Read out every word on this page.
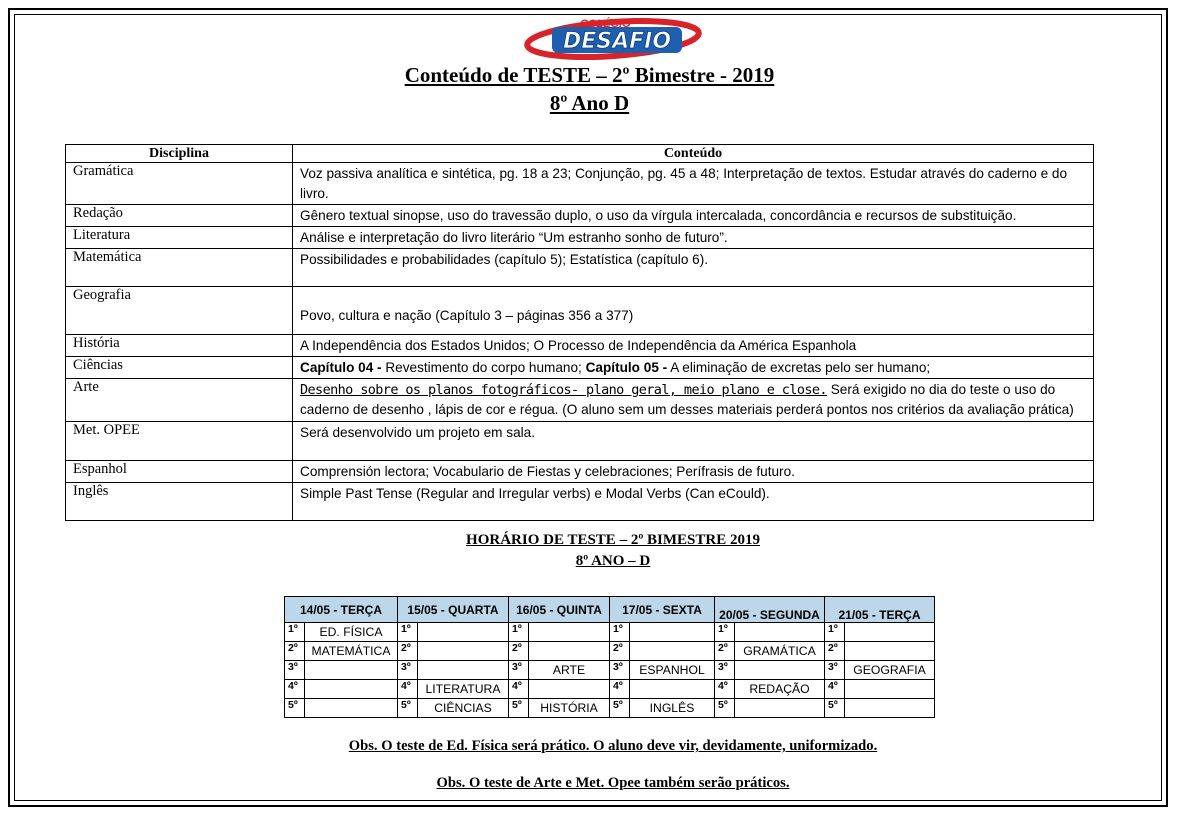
COLÉGIO
DESAFIO
Conteúdo de TESTE – 2º Bimestre - 2019
8º Ano D
Disciplina	Conteúdo
Gramática	Voz passiva analítica e sintética, pg. 18 a 23; Conjunção, pg. 45 a 48; Interpretação de textos. Estudar através do caderno e do livro.
Redação	Gênero textual sinopse, uso do travessão duplo, o uso da vírgula intercalada, concordância e recursos de substituição.
Literatura	Análise e interpretação do livro literário “Um estranho sonho de futuro”.
Matemática	Possibilidades e probabilidades (capítulo 5); Estatística (capítulo 6).
Geografia	Povo, cultura e nação (Capítulo 3 – páginas 356 a 377)
História	A Independência dos Estados Unidos; O Processo de Independência da América Espanhola
Ciências	Capítulo 04 - Revestimento do corpo humano; Capítulo 05 - A eliminação de excretas pelo ser humano;
Arte	Desenho sobre os planos fotográficos- plano geral, meio plano e close. Será exigido no dia do teste o uso do caderno de desenho , lápis de cor e régua. (O aluno sem um desses materiais perderá pontos nos critérios da avaliação prática)
Met. OPEE	Será desenvolvido um projeto em sala.
Espanhol	Comprensión lectora; Vocabulario de Fiestas y celebraciones; Perífrasis de futuro.
Inglês	Simple Past Tense (Regular and Irregular verbs) e Modal Verbs (Can eCould).
HORÁRIO DE TESTE – 2º BIMESTRE 2019
8º ANO – D
14/05 - TERÇA		15/05 - QUARTA		16/05 - QUINTA		17/05 - SEXTA		20/05 - SEGUNDA		21/05 - TERÇA	
1º	ED. FÍSICA	1º		1º		1º		1º		1º	
2º	MATEMÁTICA	2º		2º		2º		2º	GRAMÁTICA	2º	
3º		3º		3º	ARTE	3º	ESPANHOL	3º		3º	GEOGRAFIA
4º		4º	LITERATURA	4º		4º		4º	REDAÇÃO	4º	
5º		5º	CIÊNCIAS	5º	HISTÓRIA	5º	INGLÊS	5º		5º	
Obs. O teste de Ed. Física será prático. O aluno deve vir, devidamente, uniformizado.
Obs. O teste de Arte e Met. Opee também serão práticos.
